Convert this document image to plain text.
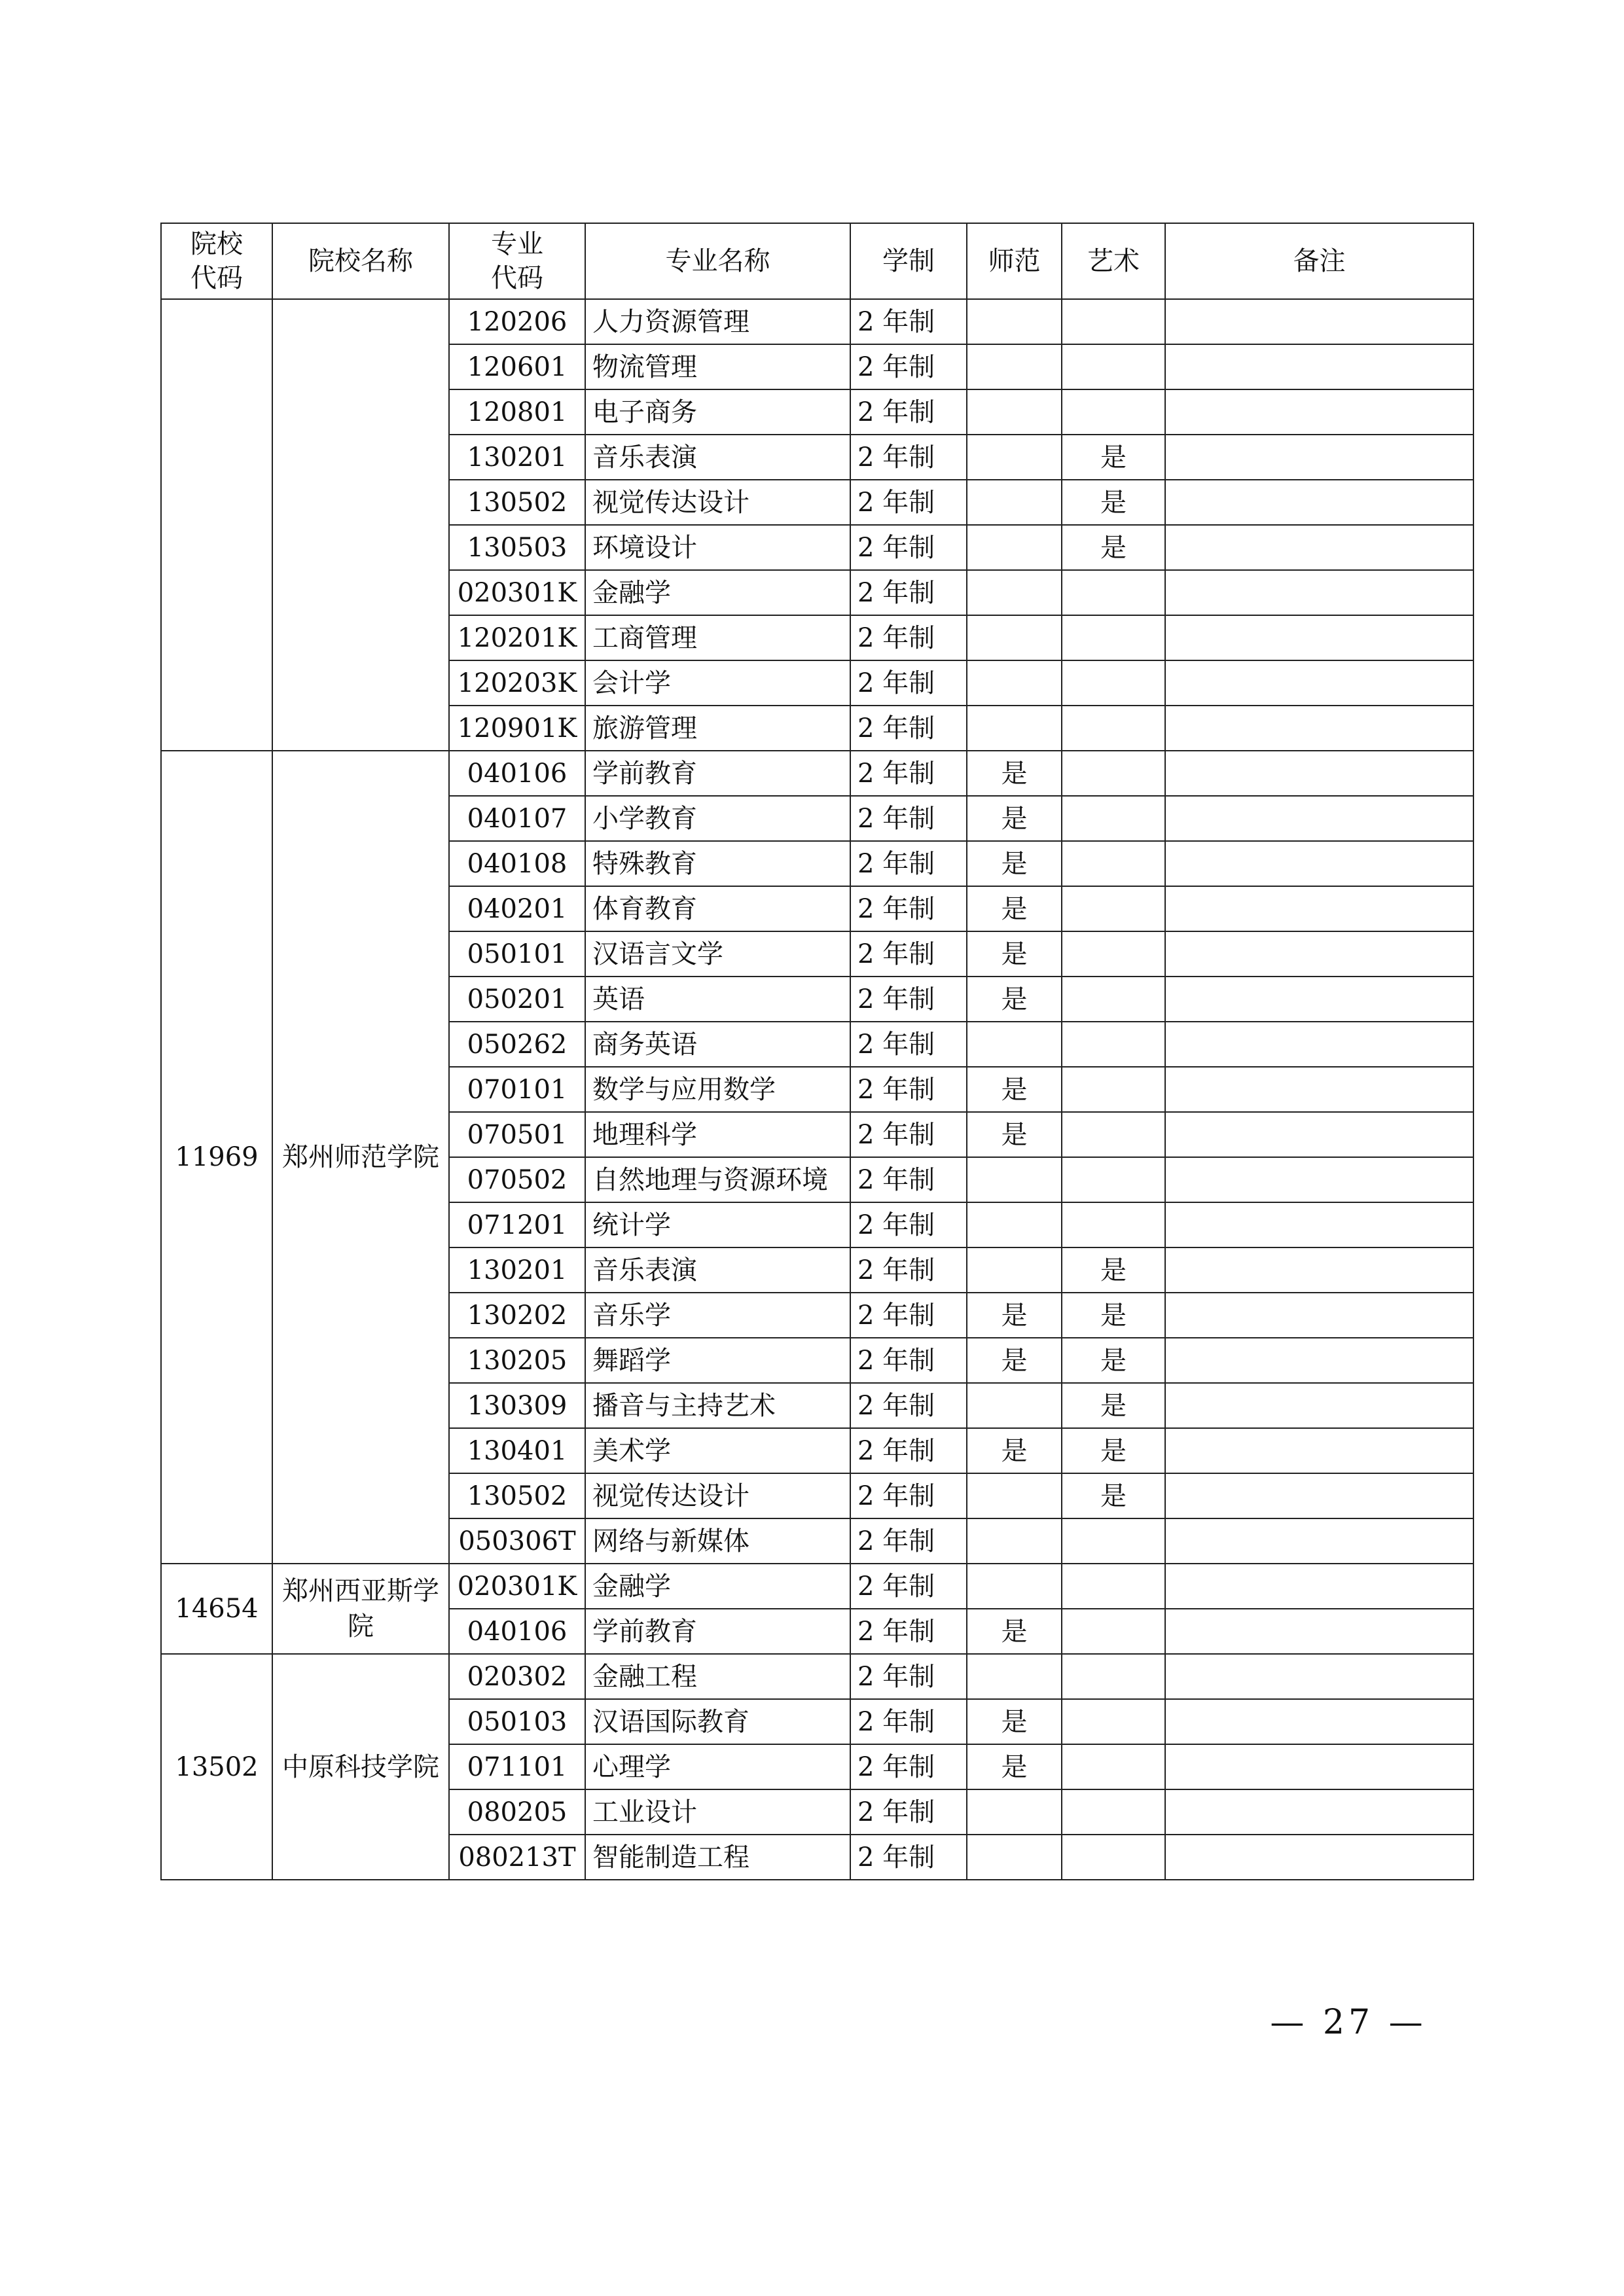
院校
代码	院校名称	专业
代码	专业名称	学制	师范	艺术	备注
		120206	人力资源管理	2 年制			
		120601	物流管理	2 年制			
		120801	电子商务	2 年制			
		130201	音乐表演	2 年制		是	
		130502	视觉传达设计	2 年制		是	
		130503	环境设计	2 年制		是	
		020301K	金融学	2 年制			
		120201K	工商管理	2 年制			
		120203K	会计学	2 年制			
		120901K	旅游管理	2 年制			
11969	郑州师范学院	040106	学前教育	2 年制	是		
		040107	小学教育	2 年制	是		
		040108	特殊教育	2 年制	是		
		040201	体育教育	2 年制	是		
		050101	汉语言文学	2 年制	是		
		050201	英语	2 年制	是		
		050262	商务英语	2 年制			
		070101	数学与应用数学	2 年制	是		
		070501	地理科学	2 年制	是		
		070502	自然地理与资源环境	2 年制			
		071201	统计学	2 年制			
		130201	音乐表演	2 年制		是	
		130202	音乐学	2 年制	是	是	
		130205	舞蹈学	2 年制	是	是	
		130309	播音与主持艺术	2 年制		是	
		130401	美术学	2 年制	是	是	
		130502	视觉传达设计	2 年制		是	
		050306T	网络与新媒体	2 年制			
14654	郑州西亚斯学院	020301K	金融学	2 年制			
		040106	学前教育	2 年制	是		
13502	中原科技学院	020302	金融工程	2 年制			
		050103	汉语国际教育	2 年制	是		
		071101	心理学	2 年制	是		
		080205	工业设计	2 年制			
		080213T	智能制造工程	2 年制			
— 27 —
